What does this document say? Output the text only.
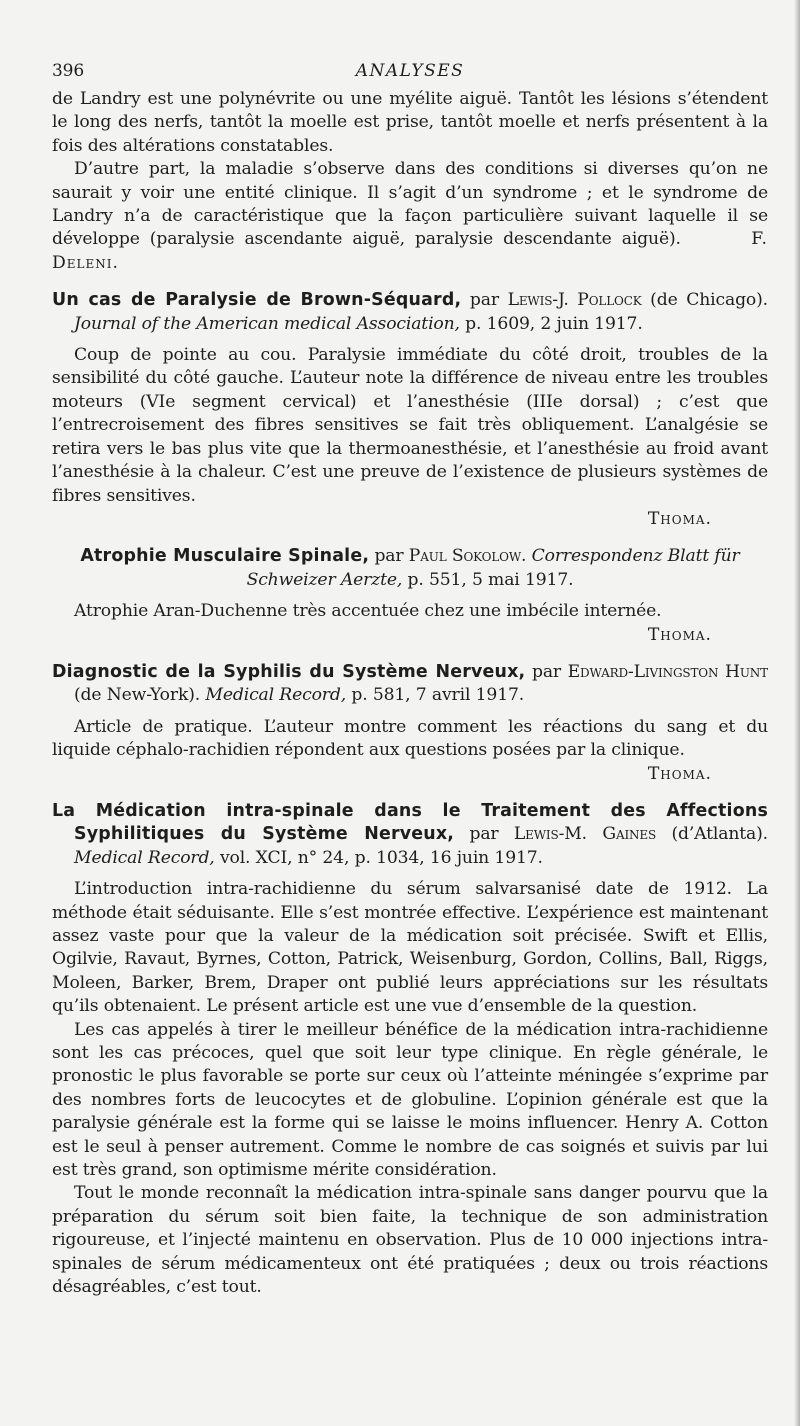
396	ANALYSES

de Landry est une polynévrite ou une myélite aiguë. Tantôt les lésions s’étendent le long des nerfs, tantôt la moelle est prise, tantôt moelle et nerfs présentent à la fois des altérations constatables.

D’autre part, la maladie s’observe dans des conditions si diverses qu’on ne saurait y voir une entité clinique. Il s’agit d’un syndrome ; et le syndrome de Landry n’a de caractéristique que la façon particulière suivant laquelle il se développe (paralysie ascendante aiguë, paralysie descendante aiguë).	F. Deleni.

Un cas de Paralysie de Brown-Séquard, par Lewis-J. Pollock (de Chicago). Journal of the American medical Association, p. 1609, 2 juin 1917.

Coup de pointe au cou. Paralysie immédiate du côté droit, troubles de la sensibilité du côté gauche. L’auteur note la différence de niveau entre les troubles moteurs (VIe segment cervical) et l’anesthésie (IIIe dorsal) ; c’est que l’entrecroisement des fibres sensitives se fait très obliquement. L’analgésie se retira vers le bas plus vite que la thermoanesthésie, et l’anesthésie au froid avant l’anesthésie à la chaleur. C’est une preuve de l’existence de plusieurs systèmes de fibres sensitives.

Thoma.

Atrophie Musculaire Spinale, par Paul Sokolow. Correspondenz Blatt für Schweizer Aerzte, p. 551, 5 mai 1917.

Atrophie Aran-Duchenne très accentuée chez une imbécile internée.

Thoma.

Diagnostic de la Syphilis du Système Nerveux, par Edward-Livingston Hunt (de New-York). Medical Record, p. 581, 7 avril 1917.

Article de pratique. L’auteur montre comment les réactions du sang et du liquide céphalo-rachidien répondent aux questions posées par la clinique.

Thoma.

La Médication intra-spinale dans le Traitement des Affections Syphilitiques du Système Nerveux, par Lewis-M. Gaines (d’Atlanta). Medical Record, vol. XCI, n° 24, p. 1034, 16 juin 1917.

L’introduction intra-rachidienne du sérum salvarsanisé date de 1912. La méthode était séduisante. Elle s’est montrée effective. L’expérience est maintenant assez vaste pour que la valeur de la médication soit précisée. Swift et Ellis, Ogilvie, Ravaut, Byrnes, Cotton, Patrick, Weisenburg, Gordon, Collins, Ball, Riggs, Moleen, Barker, Brem, Draper ont publié leurs appréciations sur les résultats qu’ils obtenaient. Le présent article est une vue d’ensemble de la question.

Les cas appelés à tirer le meilleur bénéfice de la médication intra-rachidienne sont les cas précoces, quel que soit leur type clinique. En règle générale, le pronostic le plus favorable se porte sur ceux où l’atteinte méningée s’exprime par des nombres forts de leucocytes et de globuline. L’opinion générale est que la paralysie générale est la forme qui se laisse le moins influencer. Henry A. Cotton est le seul à penser autrement. Comme le nombre de cas soignés et suivis par lui est très grand, son optimisme mérite considération.

Tout le monde reconnaît la médication intra-spinale sans danger pourvu que la préparation du sérum soit bien faite, la technique de son administration rigoureuse, et l’injecté maintenu en observation. Plus de 10 000 injections intra-spinales de sérum médicamenteux ont été pratiquées ; deux ou trois réactions désagréables, c’est tout.
